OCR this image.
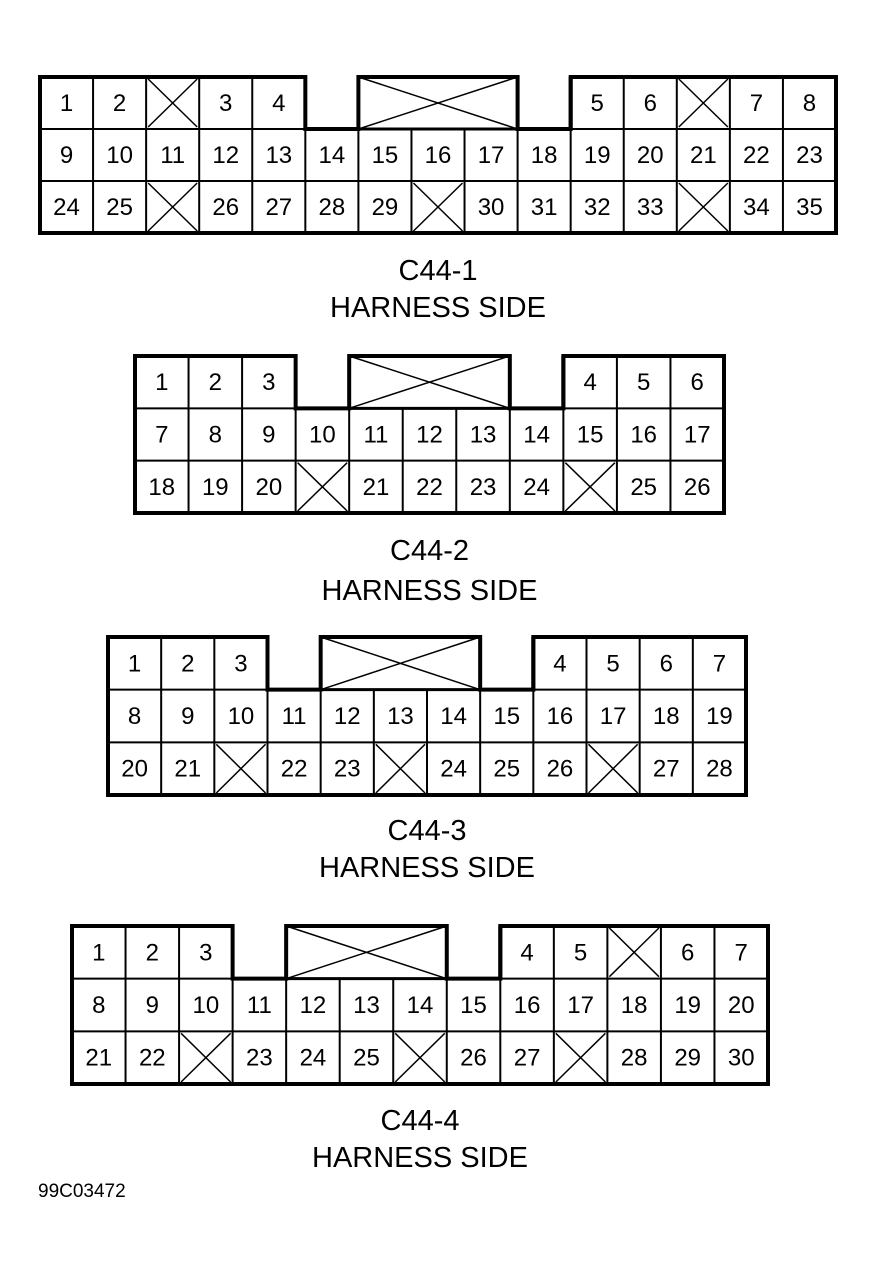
1 2	3 4	5 6	7 8
9 10 11 12 13 14 15 16 17 18 19 20 21 22 23
24 25	26 27 28 29	30 31 32 33	34 35
C44-1
HARNESS SIDE
1 2 3	4 5 6
7 8 9 10 11 12 13 14 15 16 17
18 19 20	21 22 23 24	25 26
C44-2
HARNESS SIDE
1 2 3	4 5 6 7
8 9 10 11 12 13 14 15 16 17 18 19
20 21	22 23	24 25 26	27 28
C44-3
HARNESS SIDE
1 2 3	4 5	6 7
8 9 10 11 12 13 14 15 16 17 18 19 20
21 22	23 24 25	26 27	28 29 30
C44-4
HARNESS SIDE
99C03472
